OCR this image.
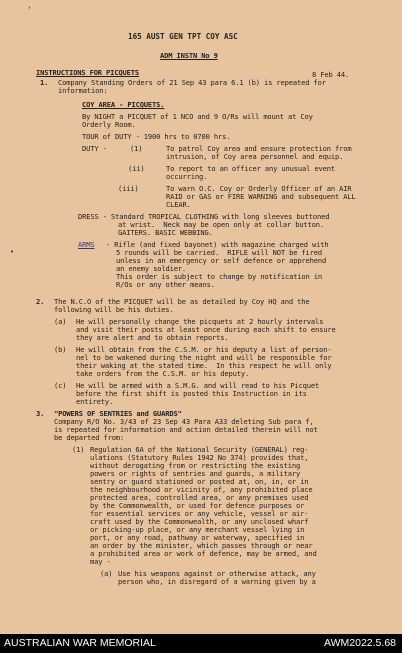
ʻ
•
165 AUST GEN TPT COY ASC
ADM INSTN No 9
INSTRUCTIONS FOR PICQUETS	8 Feb 44.
1. Company Standing Orders of 21 Sep 43 para 6.1 (b) is repeated for
information:
COY AREA - PICQUETS.
By NIGHT a PICQUET of 1 NCO and 9 O/Rs will mount at Coy
Orderly Room.
TOUR of DUTY - 1900 hrs to 0700 hrs.
DUTY -	(1)	To patrol Coy area and ensure protection from
intrusion, of Coy area personnel and equip.
(ii)	To report to an officer any unusual event
occurring.
(iii)	To warn O.C. Coy or Orderly Officer of an AIR
RAID or GAS or FIRE WARNING and subsequent ALL
CLEAR.
DRESS - Standard TROPICAL CLOTHING with long sleeves buttoned
at wrist.  Neck may be open only at collar button.
GAITERS. BASIC WEBBING.
ARMS - Rifle (and fixed bayonet) with magazine charged with
5 rounds will be carried.  RIFLE will NOT be fired
unless in an emergency or self defence or apprehend
an enemy soldier.
This order is subject to change by notification in
R/Os or any other means.
2. The N.C.O of the PICQUET will be as detailed by Coy HQ and the
following will be his duties.
(a) He will personally change the picquets at 2 hourly intervals
and visit their posts at least once during each shift to ensure
they are alert and to obtain reports.
(b) He will obtain from the C.S.M. or his deputy a list of person-
nel to be wakened during the night and will be responsible for
their waking at the stated time.  In this respect he will only
take orders from the C.S.M. or his deputy.
(c) He will be armed with a S.M.G. and will read to his Picquet
before the first shift is posted this Instruction in its
entirety.
3. "POWERS OF SENTRIES and GUARDS"
Company R/O No. 3/43 of 23 Sep 43 Para A33 deleting Sub para f,
is repeated for information and action detailed therein will not
be departed from:
(1) Regulation 6A of the National Security (GENERAL) reg-
ulations (Statutory Rules 1942 No 374) provides that,
without derogating from or restricting the existing
powers or rights of sentries and guards, a military
sentry or guard stationed or posted at, on, in, or in
the neighbourhood or vicinity of, any prohibited place
protected area, controlled area, or any premises used
by the Commonwealth, or used for defence purposes or
for essential services or any vehicle, vessel or air-
craft used by the Commonwealth, or any unclosed wharf
or picking-up place, or any merchant vessel lying in
port, or any road, pathway or waterway, specified in
an order by the minister, which passes through or near
a prohibited area or work of defence, may be armed, and
may -
(a) Use his weapons against or otherwise attack, any
person who, in disregard of a warning given by a
AUSTRALIAN WAR MEMORIAL	AWM2022.5.68
